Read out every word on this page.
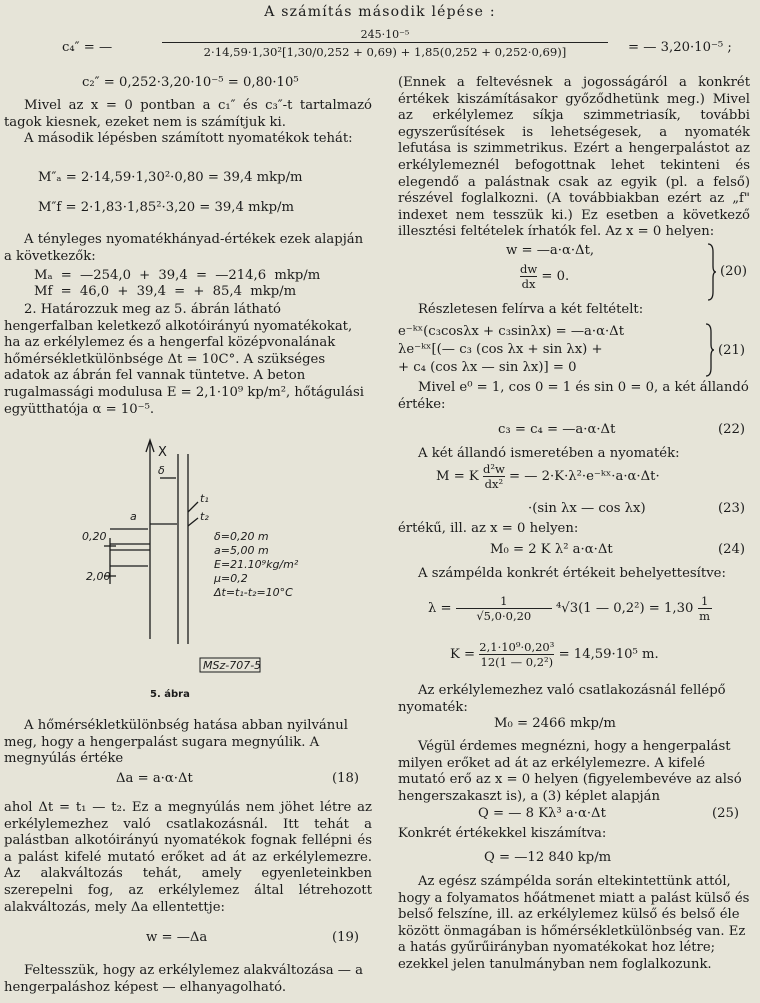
A számítás második lépése :
c₄″ = —	$\frac{\text{245·10⁻⁵}}{\text{2·14,59·1,30²[1,30/0,252 + 0,69) + 1,85(0,252 + 0,252·0,69)]}}$ = — 3,20·10⁻⁵ ;
c₂″ = 0,252·3,20·10⁻⁵ = 0,80·10⁵

Mivel az x = 0 pontban a c₁″ és c₃″-t tartalmazó tagok kiesnek, ezeket nem is számítjuk ki.

A második lépésben számított nyomatékok tehát:

M″ₐ = 2·14,59·1,30²·0,80 = 39,4 mkp/m
M″f = 2·1,83·1,85²·3,20 = 39,4 mkp/m

A tényleges nyomatékhányad-értékek ezek alapján a következők:

Mₐ = —254,0 + 39,4 = —214,6 mkp/m
Mf = 46,0 + 39,4 = + 85,4 mkp/m

2. Határozzuk meg az 5. ábrán látható hengerfalban keletkező alkotóirányú nyomatékokat, ha az erkélylemez és a hengerfal középvonalának hőmérsékletkülönbsége Δt = 10C°. A szükséges adatok az ábrán fel vannak tüntetve. A beton rugalmassági modulusa E = 2,1·10⁹ kp/m², hőtágulási együtthatója α = 10⁻⁵.

X
δ
a
0,20
2,00
t₁
t₂
δ=0,20 m
a=5,00 m
E=21.10⁹kg/m²
μ=0,2
Δt=t₁-t₂=10°C
MSz-707-5
5. ábra

A hőmérsékletkülönbség hatása abban nyilvánul meg, hogy a hengerpalást sugara megnyúlik. A megnyúlás értéke

Δa = a·α·Δt	(18)

ahol Δt = t₁ — t₂. Ez a megnyúlás nem jöhet létre az erkélylemezhez való csatlakozásnál. Itt tehát a palástban alkotóirányú nyomatékok fognak fellépni és a palást kifelé mutató erőket ad át az erkélylemezre. Az alakváltozás tehát, amely egyenleteinkben szerepelni fog, az erkélylemez által létrehozott alakváltozás, mely Δa ellentettje:

w = —Δa	(19)

Feltesszük, hogy az erkélylemez alakváltozása — a hengerpaláshoz képest — elhanyagolható.

(Ennek a feltevésnek a jogosságáról a konkrét értékek kiszámításakor győződhetünk meg.) Mivel az erkélylemez síkja szimmetriasík, további egyszerűsítések is lehetségesek, a nyomaték lefutása is szimmetrikus. Ezért a hengerpalástot az erkélylemeznél befogottnak lehet tekinteni és elegendő a palástnak csak az egyik (pl. a felső) részével foglalkozni. (A továbbiakban ezért az „f" indexet nem tesszük ki.) Ez esetben a következő illesztési feltételek írhatók fel. Az x = 0 helyen:

w = —a·α·Δt,
$\frac{dw}{dx} = 0$.	(20)

Részletesen felírva a két feltételt:

e⁻ᵏˣ(c₃cosλx + c₃sinλx) = —a·α·Δt
λe⁻ᵏˣ[(— c₃ (cos λx + sin λx) +
+ c₄ (cos λx — sin λx)] = 0
(21)

Mivel e⁰ = 1, cos 0 = 1 és sin 0 = 0, a két állandó értéke:

c₃ = c₄ = —a·α·Δt	(22)

A két állandó ismeretében a nyomaték:

M = K $\frac{\text{d²w}}{\text{dx²}}$ = — 2·K·λ²·e⁻ᵏˣ·a·α·Δt·
·(sin λx — cos λx)	(23)

értékű, ill. az x = 0 helyen:

M₀ = 2 K λ² a·α·Δt	(24)

A számpélda konkrét értékeit behelyettesítve:

$\lambda = \frac{1}{√5,0\cdot 0,20} ^4√3(1$ — $0,2^2) = 1,30 \frac{1}{m}$
$K = \frac{\text{2,1·10⁹·0,20³}}{\text{12(1 — 0,2²)}} = 14,59\cdot 10^5$ m.

Az erkélylemezhez való csatlakozásnál fellépő nyomaték:

M₀ = 2466 mkp/m

Végül érdemes megnézni, hogy a hengerpalást milyen erőket ad át az erkélylemezre. A kifelé mutató erő az x = 0 helyen (figyelembevéve az alsó hengerszakaszt is), a (3) képlet alapján

Q = — 8 Kλ³ a·α·Δt	(25)

Konkrét értékekkel kiszámítva:

Q = —12 840 kp/m

Az egész számpélda során eltekintettünk attól, hogy a folyamatos hőátmenet miatt a palást külső és belső felszíne, ill. az erkélylemez külső és belső éle között önmagában is hőmérsékletkülönbség van. Ez a hatás gyűrűirányban nyomatékokat hoz létre; ezekkel jelen tanulmányban nem foglalkozunk.
